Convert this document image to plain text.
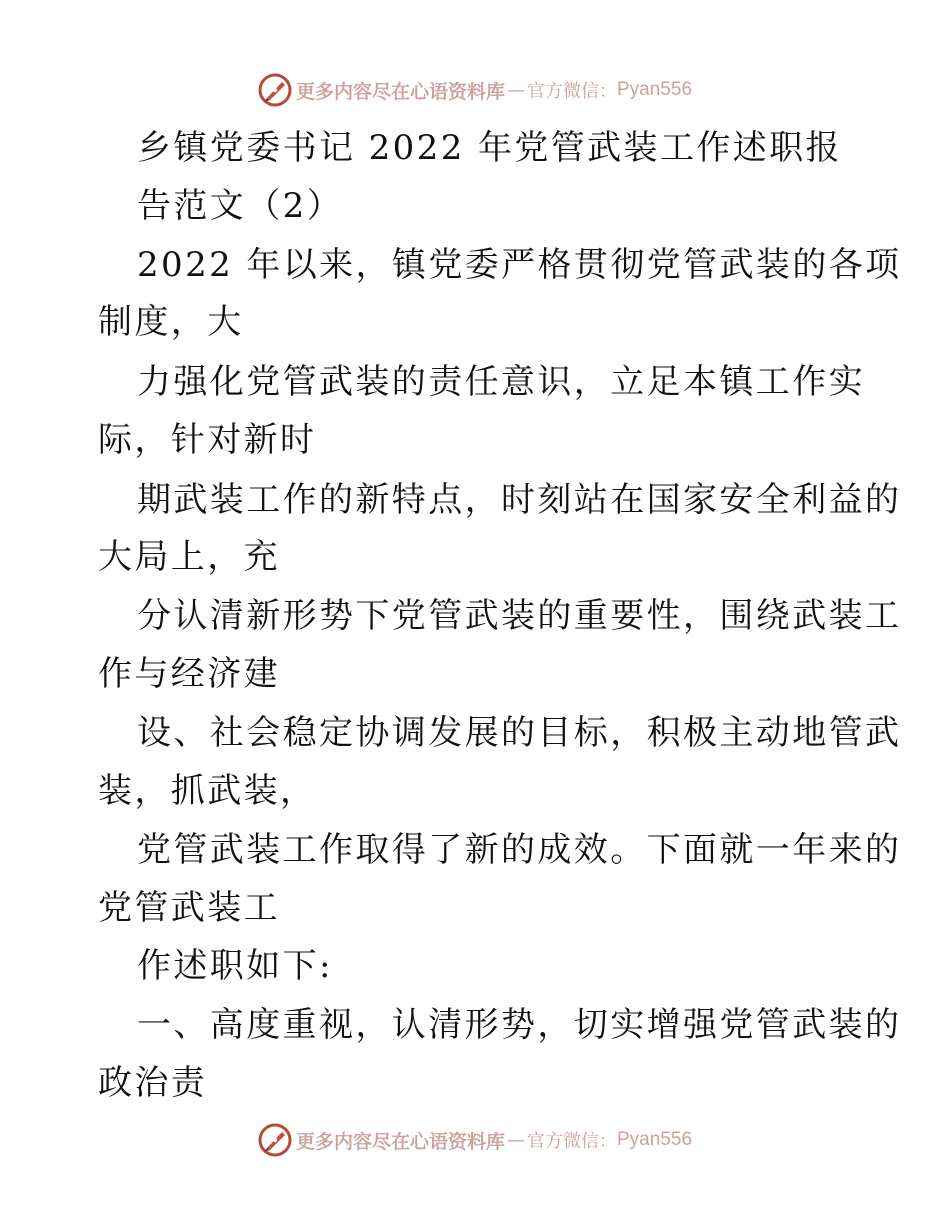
更多内容尽在心语资料库 — 官方微信： Pyan556

乡镇党委书记 2022 年党管武装工作述职报

告范文（2）

2022 年以来，镇党委严格贯彻党管武装的各项

制度，大

力强化党管武装的责任意识，立足本镇工作实

际，针对新时

期武装工作的新特点，时刻站在国家安全利益的

大局上，充

分认清新形势下党管武装的重要性，围绕武装工

作与经济建

设、社会稳定协调发展的目标，积极主动地管武

装，抓武装，

党管武装工作取得了新的成效。下面就一年来的

党管武装工

作述职如下:

一、高度重视，认清形势，切实增强党管武装的

政治责

更多内容尽在心语资料库 — 官方微信： Pyan556
